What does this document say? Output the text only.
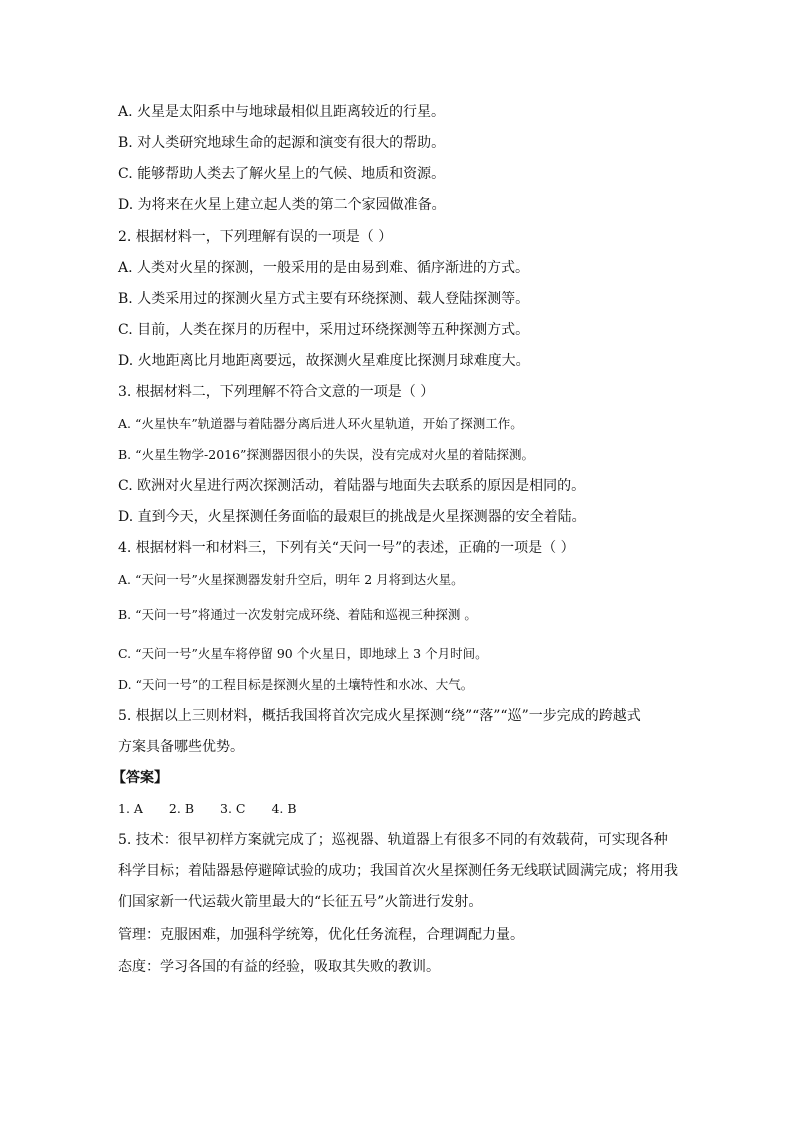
A. 火星是太阳系中与地球最相似且距离较近的行星。
B. 对人类研究地球生命的起源和演变有很大的帮助。
C. 能够帮助人类去了解火星上的气候、地质和资源。
D. 为将来在火星上建立起人类的第二个家园做准备。
2. 根据材料一，下列理解有误的一项是（ ）
A. 人类对火星的探测，一般采用的是由易到难、循序渐进的方式。
B. 人类采用过的探测火星方式主要有环绕探测、载人登陆探测等。
C. 目前，人类在探月的历程中，采用过环绕探测等五种探测方式。
D. 火地距离比月地距离要远，故探测火星难度比探测月球难度大。
3. 根据材料二，下列理解不符合文意的一项是（ ）
A. “火星快车”轨道器与着陆器分离后进人环火星轨道，开始了探测工作。
B. “火星生物学-2016”探测器因很小的失误，没有完成对火星的着陆探测。
C. 欧洲对火星进行两次探测活动，着陆器与地面失去联系的原因是相同的。
D. 直到今天，火星探测任务面临的最艰巨的挑战是火星探测器的安全着陆。
4. 根据材料一和材料三，下列有关“天问一号”的表述，正确的一项是（ ）
A. “天问一号”火星探测器发射升空后，明年 2 月将到达火星。
B. “天问一号”将通过一次发射完成环绕、着陆和巡视三种探测 。
C. “天问一号”火星车将停留 90 个火星日，即地球上 3 个月时间。
D. “天问一号”的工程目标是探测火星的土壤特性和水冰、大气。
5. 根据以上三则材料，概括我国将首次完成火星探测“绕”“落”“巡”一步完成的跨越式
方案具备哪些优势。
【答案】
1. A 2. B 3. C 4. B
5. 技术：很早初样方案就完成了；巡视器、轨道器上有很多不同的有效载荷，可实现各种
科学目标；着陆器悬停避障试验的成功；我国首次火星探测任务无线联试圆满完成；将用我
们国家新一代运载火箭里最大的“长征五号”火箭进行发射。
管理：克服困难，加强科学统筹，优化任务流程，合理调配力量。
态度：学习各国的有益的经验，吸取其失败的教训。
